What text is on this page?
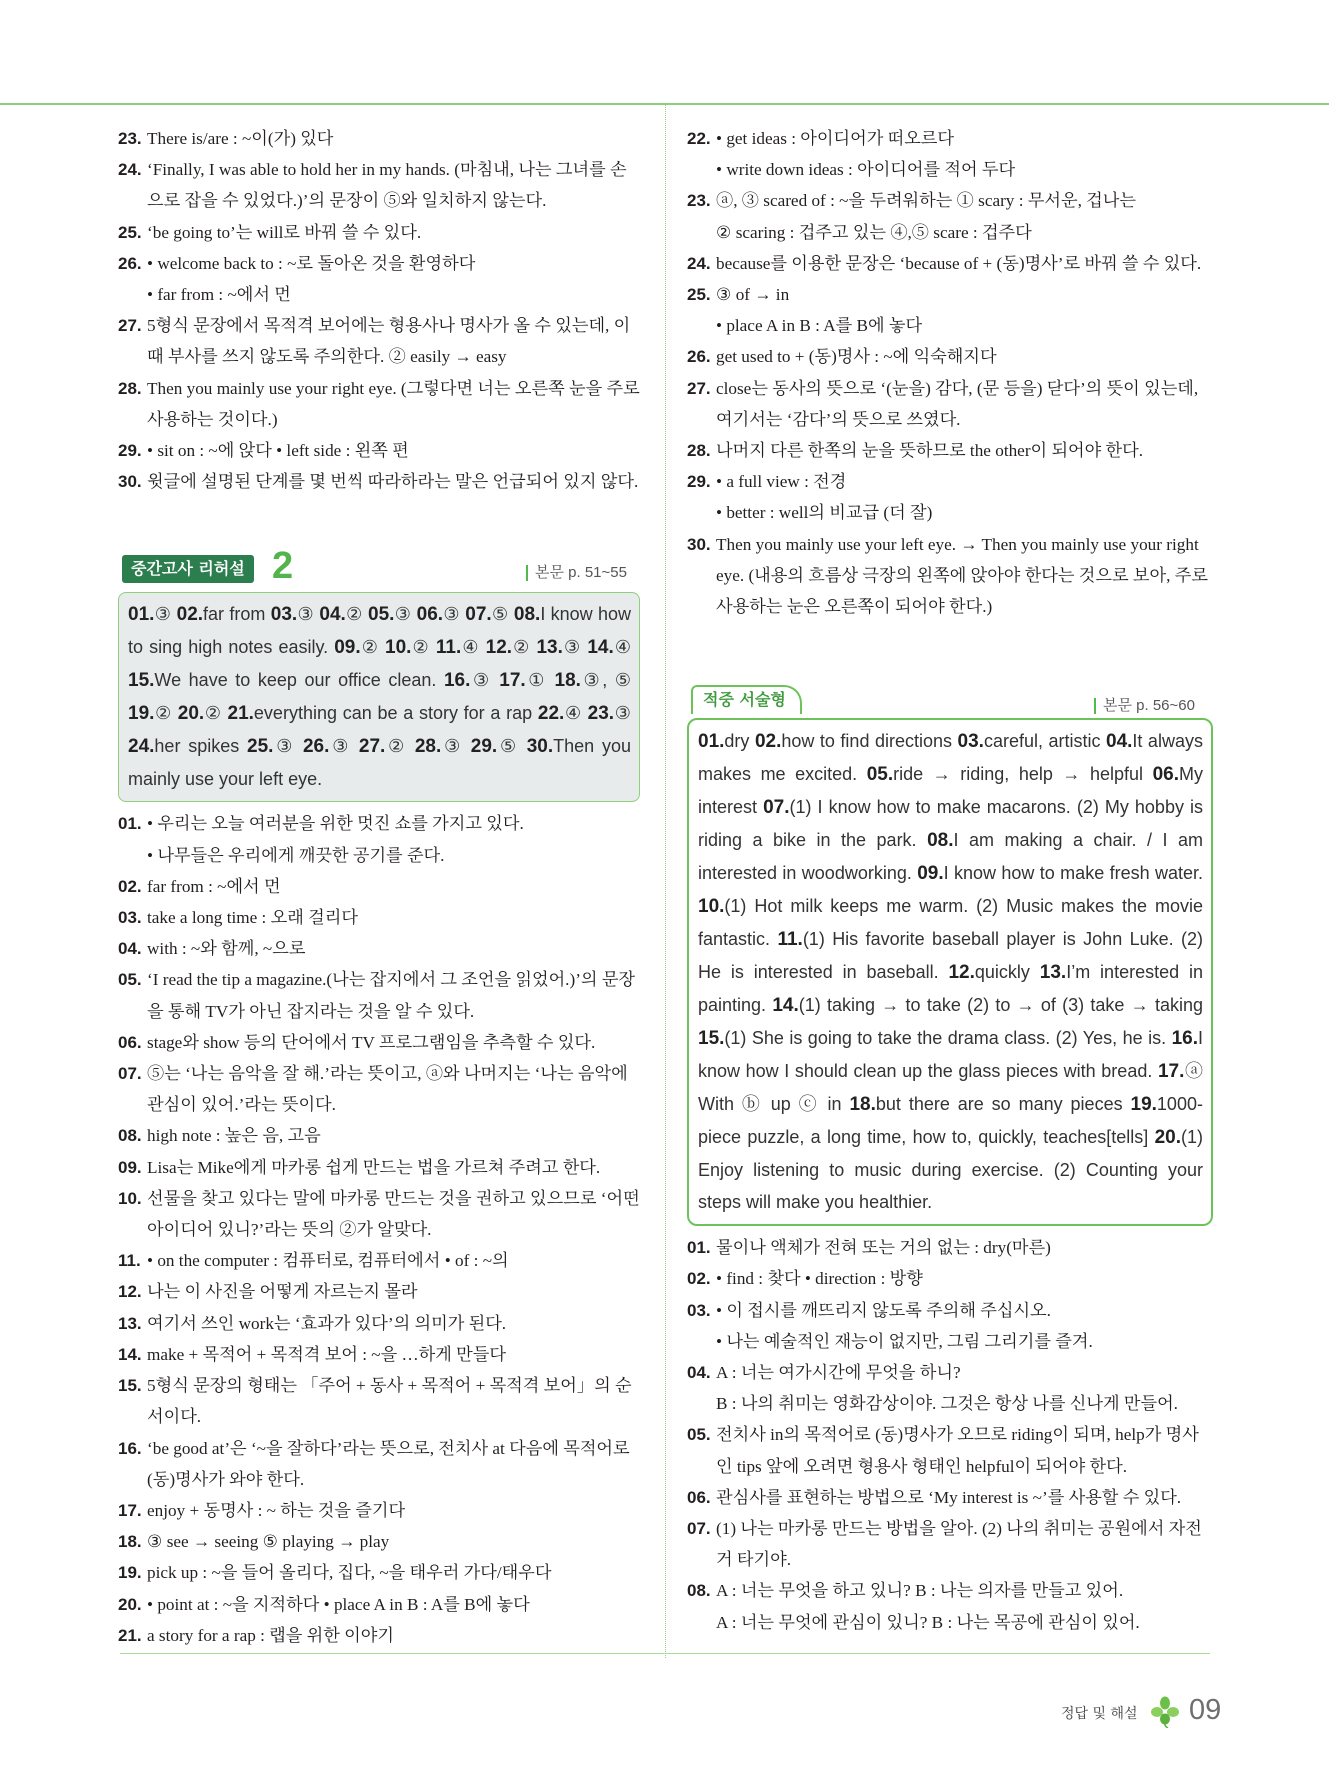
23. There is/are : ~이(가) 있다
24. ‘Finally, I was able to hold her in my hands. (마침내, 나는 그녀를 손으로 잡을 수 있었다.)’의 문장이 ⑤와 일치하지 않는다.
25. ‘be going to’는 will로 바꿔 쓸 수 있다.
26. • welcome back to : ~로 돌아온 것을 환영하다
• far from : ~에서 먼
27. 5형식 문장에서 목적격 보어에는 형용사나 명사가 올 수 있는데, 이때 부사를 쓰지 않도록 주의한다. ② easily → easy
28. Then you mainly use your right eye. (그렇다면 너는 오른쪽 눈을 주로 사용하는 것이다.)
29. • sit on : ~에 앉다 • left side : 왼쪽 편
30. 윗글에 설명된 단계를 몇 번씩 따라하라는 말은 언급되어 있지 않다.
중간고사 리허설 2	본문 p. 51~55
01.③ 02.far from 03.③ 04.② 05.③ 06.③ 07.⑤ 08.I know how to sing high notes easily. 09.② 10.② 11.④ 12.② 13.③ 14.④ 15.We have to keep our office clean. 16.③ 17.① 18.③, ⑤ 19.② 20.② 21.everything can be a story for a rap 22.④ 23.③ 24.her spikes 25.③ 26.③ 27.② 28.③ 29.⑤ 30.Then you mainly use your left eye.
01. • 우리는 오늘 여러분을 위한 멋진 쇼를 가지고 있다.
• 나무들은 우리에게 깨끗한 공기를 준다.
02. far from : ~에서 먼
03. take a long time : 오래 걸리다
04. with : ~와 함께, ~으로
05. ‘I read the tip a magazine.(나는 잡지에서 그 조언을 읽었어.)’의 문장을 통해 TV가 아닌 잡지라는 것을 알 수 있다.
06. stage와 show 등의 단어에서 TV 프로그램임을 추측할 수 있다.
07. ⑤는 ‘나는 음악을 잘 해.’라는 뜻이고, ⓐ와 나머지는 ‘나는 음악에 관심이 있어.’라는 뜻이다.
08. high note : 높은 음, 고음
09. Lisa는 Mike에게 마카롱 쉽게 만드는 법을 가르쳐 주려고 한다.
10. 선물을 찾고 있다는 말에 마카롱 만드는 것을 권하고 있으므로 ‘어떤 아이디어 있니?’라는 뜻의 ②가 알맞다.
11. • on the computer : 컴퓨터로, 컴퓨터에서 • of : ~의
12. 나는 이 사진을 어떻게 자르는지 몰라
13. 여기서 쓰인 work는 ‘효과가 있다’의 의미가 된다.
14. make + 목적어 + 목적격 보어 : ~을 …하게 만들다
15. 5형식 문장의 형태는 「주어 + 동사 + 목적어 + 목적격 보어」의 순서이다.
16. ‘be good at’은 ‘~을 잘하다’라는 뜻으로, 전치사 at 다음에 목적어로 (동)명사가 와야 한다.
17. enjoy + 동명사 : ~ 하는 것을 즐기다
18. ③ see → seeing ⑤ playing → play
19. pick up : ~을 들어 올리다, 집다, ~을 태우러 가다/태우다
20. • point at : ~을 지적하다 • place A in B : A를 B에 놓다
21. a story for a rap : 랩을 위한 이야기
22. • get ideas : 아이디어가 떠오르다
• write down ideas : 아이디어를 적어 두다
23. ⓐ, ③ scared of : ~을 두려워하는 ① scary : 무서운, 겁나는
② scaring : 겁주고 있는 ④,⑤ scare : 겁주다
24. because를 이용한 문장은 ‘because of + (동)명사’로 바꿔 쓸 수 있다.
25. ③ of → in
• place A in B : A를 B에 놓다
26. get used to + (동)명사 : ~에 익숙해지다
27. close는 동사의 뜻으로 ‘(눈을) 감다, (문 등을) 닫다’의 뜻이 있는데, 여기서는 ‘감다’의 뜻으로 쓰였다.
28. 나머지 다른 한쪽의 눈을 뜻하므로 the other이 되어야 한다.
29. • a full view : 전경
• better : well의 비교급 (더 잘)
30. Then you mainly use your left eye. → Then you mainly use your right eye. (내용의 흐름상 극장의 왼쪽에 앉아야 한다는 것으로 보아, 주로 사용하는 눈은 오른쪽이 되어야 한다.)
적중 서술형	본문 p. 56~60
01.dry 02.how to find directions 03.careful, artistic 04.It always makes me excited. 05.ride → riding, help → helpful 06.My interest 07.(1) I know how to make macarons. (2) My hobby is riding a bike in the park. 08.I am making a chair. / I am interested in woodworking. 09.I know how to make fresh water. 10.(1) Hot milk keeps me warm. (2) Music makes the movie fantastic. 11.(1) His favorite baseball player is John Luke. (2) He is interested in baseball. 12.quickly 13.I’m interested in painting. 14.(1) taking → to take (2) to → of (3) take → taking 15.(1) She is going to take the drama class. (2) Yes, he is. 16.I know how I should clean up the glass pieces with bread. 17.ⓐ With ⓑ up ⓒ in 18.but there are so many pieces 19.1000-piece puzzle, a long time, how to, quickly, teaches[tells] 20.(1) Enjoy listening to music during exercise. (2) Counting your steps will make you healthier.
01. 물이나 액체가 전혀 또는 거의 없는 : dry(마른)
02. • find : 찾다 • direction : 방향
03. • 이 접시를 깨뜨리지 않도록 주의해 주십시오.
• 나는 예술적인 재능이 없지만, 그림 그리기를 즐겨.
04. A : 너는 여가시간에 무엇을 하니?
B : 나의 취미는 영화감상이야. 그것은 항상 나를 신나게 만들어.
05. 전치사 in의 목적어로 (동)명사가 오므로 riding이 되며, help가 명사인 tips 앞에 오려면 형용사 형태인 helpful이 되어야 한다.
06. 관심사를 표현하는 방법으로 ‘My interest is ~’를 사용할 수 있다.
07. (1) 나는 마카롱 만드는 방법을 알아. (2) 나의 취미는 공원에서 자전거 타기야.
08. A : 너는 무엇을 하고 있니? B : 나는 의자를 만들고 있어.
A : 너는 무엇에 관심이 있니? B : 나는 목공에 관심이 있어.
정답 및 해설 09
